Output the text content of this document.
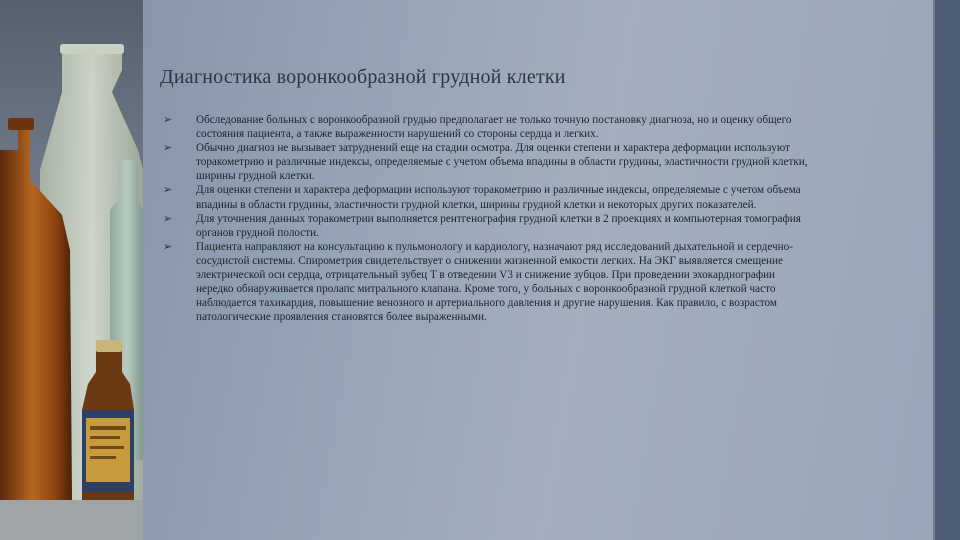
Диагностика воронкообразной грудной клетки
➢ Обследование больных с воронкообразной грудью предполагает не только точную постановку диагноза, но и оценку общего состояния пациента, а также выраженности нарушений со стороны сердца и легких.
➢ Обычно диагноз не вызывает затруднений еще на стадии осмотра. Для оценки степени и характера деформации используют торакометрию и различные индексы, определяемые с учетом объема впадины в области грудины, эластичности грудной клетки, ширины грудной клетки.
➢ Для оценки степени и характера деформации используют торакометрию и различные индексы, определяемые с учетом объема впадины в области грудины, эластичности грудной клетки, ширины грудной клетки и некоторых других показателей.
➢ Для уточнения данных торакометрии выполняется рентгенография грудной клетки в 2 проекциях и компьютерная томография органов грудной полости.
➢ Пациента направляют на консультацию к пульмонологу и кардиологу, назначают ряд исследований дыхательной и сердечно-сосудистой системы. Спирометрия свидетельствует о снижении жизненной емкости легких. На ЭКГ выявляется смещение электрической оси сердца, отрицательный зубец T в отведении V3 и снижение зубцов. При проведении эхокардиографии нередко обнаруживается пролапс митрального клапана. Кроме того, у больных с воронкообразной грудной клеткой часто наблюдается тахикардия, повышение венозного и артериального давления и другие нарушения. Как правило, с возрастом патологические проявления становятся более выраженными.
